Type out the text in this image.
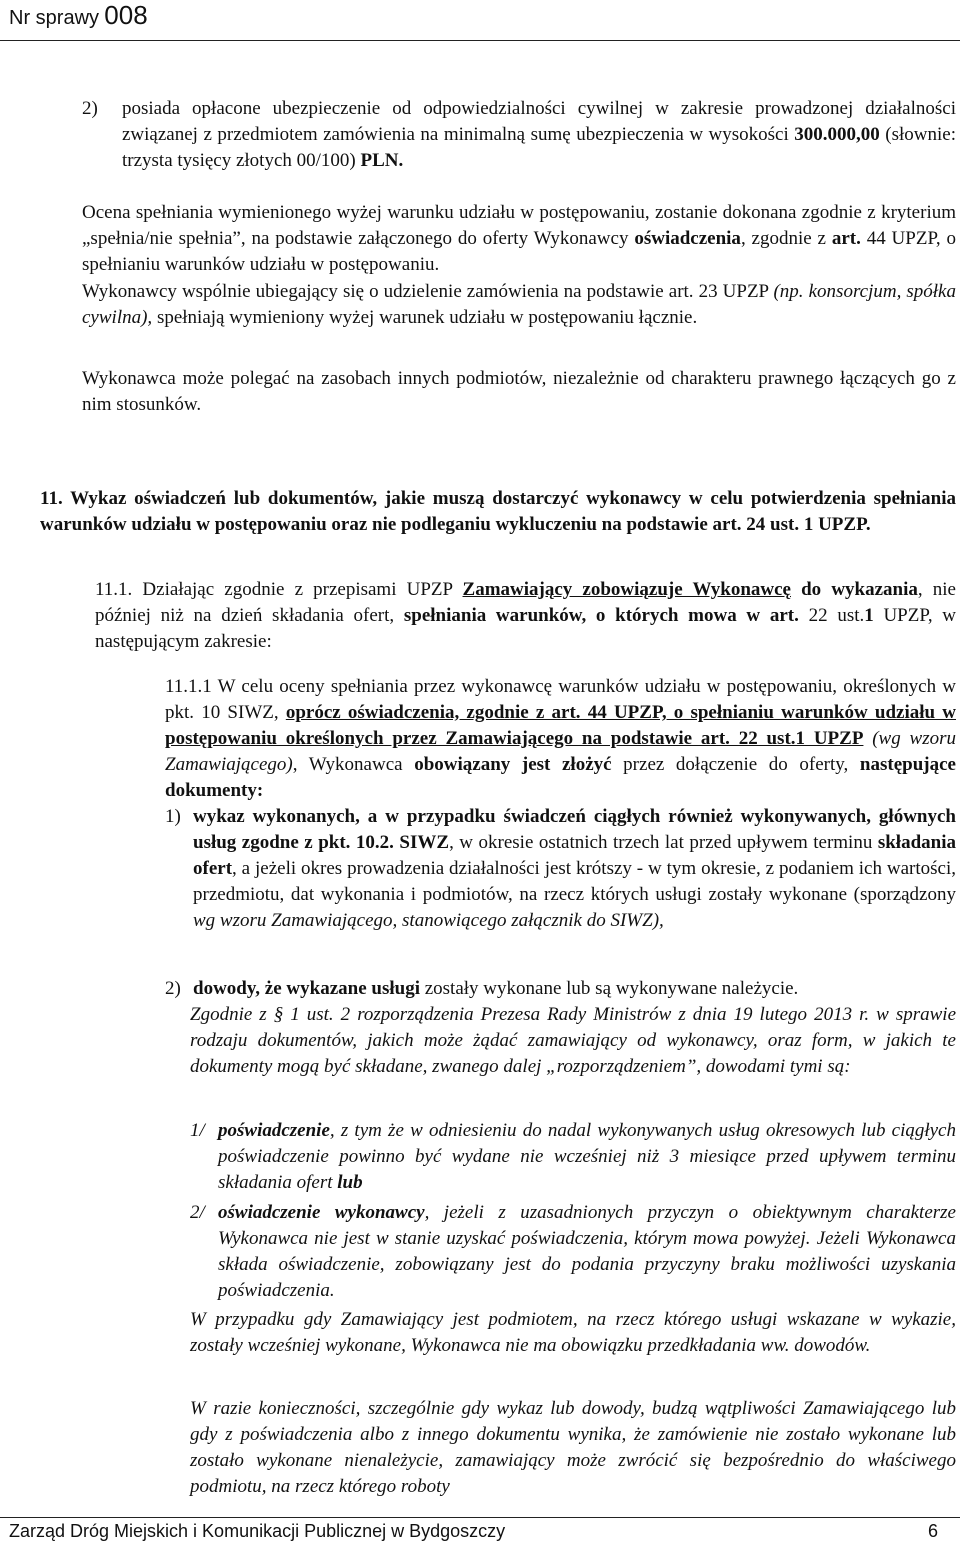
Nr sprawy 008
2)	posiada opłacone ubezpieczenie od odpowiedzialności cywilnej w zakresie prowadzonej działalności związanej z przedmiotem zamówienia na minimalną sumę ubezpieczenia w wysokości 300.000,00 (słownie: trzysta tysięcy złotych 00/100) PLN.
Ocena spełniania wymienionego wyżej warunku udziału w postępowaniu, zostanie dokonana zgodnie z kryterium „spełnia/nie spełnia”, na podstawie załączonego do oferty Wykonawcy oświadczenia, zgodnie z art. 44 UPZP, o spełnianiu warunków udziału w postępowaniu.
Wykonawcy wspólnie ubiegający się o udzielenie zamówienia na podstawie art. 23 UPZP (np. konsorcjum, spółka cywilna), spełniają wymieniony wyżej warunek udziału w postępowaniu łącznie.
Wykonawca może polegać na zasobach innych podmiotów, niezależnie od charakteru prawnego łączących go z nim stosunków.
11. Wykaz oświadczeń lub dokumentów, jakie muszą dostarczyć wykonawcy w celu potwierdzenia spełniania warunków udziału w postępowaniu oraz nie podleganiu wykluczeniu na podstawie art. 24 ust. 1 UPZP.
11.1. Działając zgodnie z przepisami UPZP Zamawiający zobowiązuje Wykonawcę do wykazania, nie później niż na dzień składania ofert, spełniania warunków, o których mowa w art. 22 ust.1 UPZP, w następującym zakresie:
11.1.1 W celu oceny spełniania przez wykonawcę warunków udziału w postępowaniu, określonych w pkt. 10 SIWZ, oprócz oświadczenia, zgodnie z art. 44 UPZP, o spełnianiu warunków udziału w postępowaniu określonych przez Zamawiającego na podstawie art. 22 ust.1 UPZP (wg wzoru Zamawiającego), Wykonawca obowiązany jest złożyć przez dołączenie do oferty, następujące dokumenty:
1) wykaz wykonanych, a w przypadku świadczeń ciągłych również wykonywanych, głównych usług zgodne z pkt. 10.2. SIWZ, w okresie ostatnich trzech lat przed upływem terminu składania ofert, a jeżeli okres prowadzenia działalności jest krótszy - w tym okresie, z podaniem ich wartości, przedmiotu, dat wykonania i podmiotów, na rzecz których usługi zostały wykonane (sporządzony wg wzoru Zamawiającego, stanowiącego załącznik do SIWZ),
2) dowody, że wykazane usługi zostały wykonane lub są wykonywane należycie.
Zgodnie z § 1 ust. 2 rozporządzenia Prezesa Rady Ministrów z dnia 19 lutego 2013 r. w sprawie rodzaju dokumentów, jakich może żądać zamawiający od wykonawcy, oraz form, w jakich te dokumenty mogą być składane, zwanego dalej „rozporządzeniem”, dowodami tymi są:
1/ poświadczenie, z tym że w odniesieniu do nadal wykonywanych usług okresowych lub ciągłych poświadczenie powinno być wydane nie wcześniej niż 3 miesiące przed upływem terminu składania ofert lub
2/ oświadczenie wykonawcy, jeżeli z uzasadnionych przyczyn o obiektywnym charakterze Wykonawca nie jest w stanie uzyskać poświadczenia, którym mowa powyżej. Jeżeli Wykonawca składa oświadczenie, zobowiązany jest do podania przyczyny braku możliwości uzyskania poświadczenia.
W przypadku gdy Zamawiający jest podmiotem, na rzecz którego usługi wskazane w wykazie, zostały wcześniej wykonane, Wykonawca nie ma obowiązku przedkładania ww. dowodów.
W razie konieczności, szczególnie gdy wykaz lub dowody, budzą wątpliwości Zamawiającego lub gdy z poświadczenia albo z innego dokumentu wynika, że zamówienie nie zostało wykonane lub zostało wykonane nienależycie, zamawiający może zwrócić się bezpośrednio do właściwego podmiotu, na rzecz którego roboty
Zarząd Dróg Miejskich i Komunikacji Publicznej w Bydgoszczy	6
